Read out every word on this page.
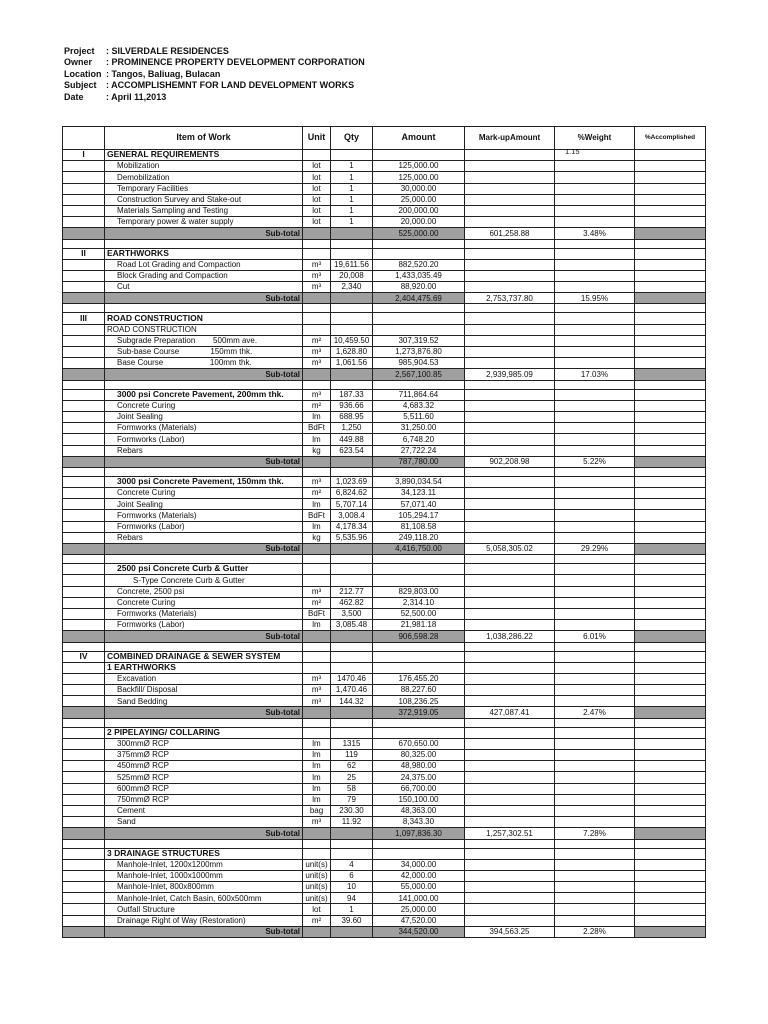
Project	: SILVERDALE RESIDENCES
Owner	: PROMINENCE PROPERTY DEVELOPMENT CORPORATION
Location : Tangos, Baliuag, Bulacan
Subject	: ACCOMPLISHEMNT FOR LAND DEVELOPMENT WORKS
Date	: April 11,2013
	Item of Work	Unit	Qty	Amount	Mark-upAmount	%Weight	%Accomplished
I	GENERAL REQUIREMENTS						
	Mobilization	lot	1	125,000.00			
	Demobilization	lot	1	125,000.00			
	Temporary Facilities	lot	1	30,000.00			
	Construction Survey and Stake-out	lot	1	25,000.00			
	Materials Sampling and Testing	lot	1	200,000.00			
	Temporary power & water supply	lot	1	20,000.00			
	Sub-total			525,000.00	601,258.88	3.48%	

II	EARTHWORKS						
	Road Lot Grading and Compaction	m³	19,611.56	882,520.20			
	Block Grading and Compaction	m³	20,008	1,433,035.49			
	Cut	m³	2,340	88,920.00			
	Sub-total			2,404,475.69	2,753,737.80	15.95%	

III	ROAD CONSTRUCTION						
	ROAD CONSTRUCTION						
	Subgrade Preparation        500mm ave.	m²	10,459.50	307,319.52			
	Sub-base Course              150mm thk.	m³	1,628.80	1,273,876.80			
	Base Course                     100mm thk.	m³	1,061.56	985,904.53			
	Sub-total			2,567,100.85	2,939,985.09	17.03%	

	3000 psi Concrete Pavement, 200mm thk.	m³	187.33	711,864.64			
	Concrete Curing	m²	936.66	4,683.32			
	Joint Sealing	lm	688.95	5,511.60			
	Formworks (Materials)	BdFt	1,250	31,250.00			
	Formworks (Labor)	lm	449.88	6,748.20			
	Rebars	kg	623.54	27,722.24			
	Sub-total			787,780.00	902,208.98	5.22%	

	3000 psi Concrete Pavement, 150mm thk.	m³	1,023.69	3,890,034.54			
	Concrete Curing	m²	6,824.62	34,123.11			
	Joint Sealing	lm	5,707.14	57,071.40			
	Formworks (Materials)	BdFt	3,008.4	105,294.17			
	Formworks (Labor)	lm	4,178.34	81,108.58			
	Rebars	kg	5,535.96	249,118.20			
	Sub-total			4,416,750.00	5,058,305.02	29.29%	

	2500 psi Concrete Curb & Gutter						
	S-Type Concrete Curb & Gutter						
	Concrete, 2500 psi	m³	212.77	829,803.00			
	Concrete Curing	m²	462.82	2,314.10			
	Formworks (Materials)	BdFt	3,500	52,500.00			
	Formworks (Labor)	lm	3,085.48	21,981.18			
	Sub-total			906,598.28	1,038,286.22	6.01%	

IV	COMBINED DRAINAGE & SEWER SYSTEM						
	1 EARTHWORKS						
	Excavation	m³	1470.46	176,455.20			
	Backfill/ Disposal	m³	1,470.46	88,227.60			
	Sand Bedding	m³	144.32	108,236.25			
	Sub-total			372,919.05	427,087.41	2.47%	

	2 PIPELAYING/ COLLARING						
	300mmØ RCP	lm	1315	670,650.00			
	375mmØ RCP	lm	119	80,325.00			
	450mmØ RCP	lm	62	48,980.00			
	525mmØ RCP	lm	25	24,375.00			
	600mmØ RCP	lm	58	66,700.00			
	750mmØ RCP	lm	79	150,100.00			
	Cement	bag	230.30	48,363.00			
	Sand	m³	11.92	8,343.30			
	Sub-total			1,097,836.30	1,257,302.51	7.28%	

	3 DRAINAGE STRUCTURES						
	Manhole-Inlet, 1200x1200mm	unit(s)	4	34,000.00			
	Manhole-Inlet, 1000x1000mm	unit(s)	6	42,000.00			
	Manhole-Inlet, 800x800mm	unit(s)	10	55,000.00			
	Manhole-Inlet, Catch Basin, 600x500mm	unit(s)	94	141,000.00			
	Outfall Structure	lot	1	25,000.00			
	Drainage Right of Way (Restoration)	m²	39.60	47,520.00			
	Sub-total			344,520.00	394,563.25	2.28%	
1.15
